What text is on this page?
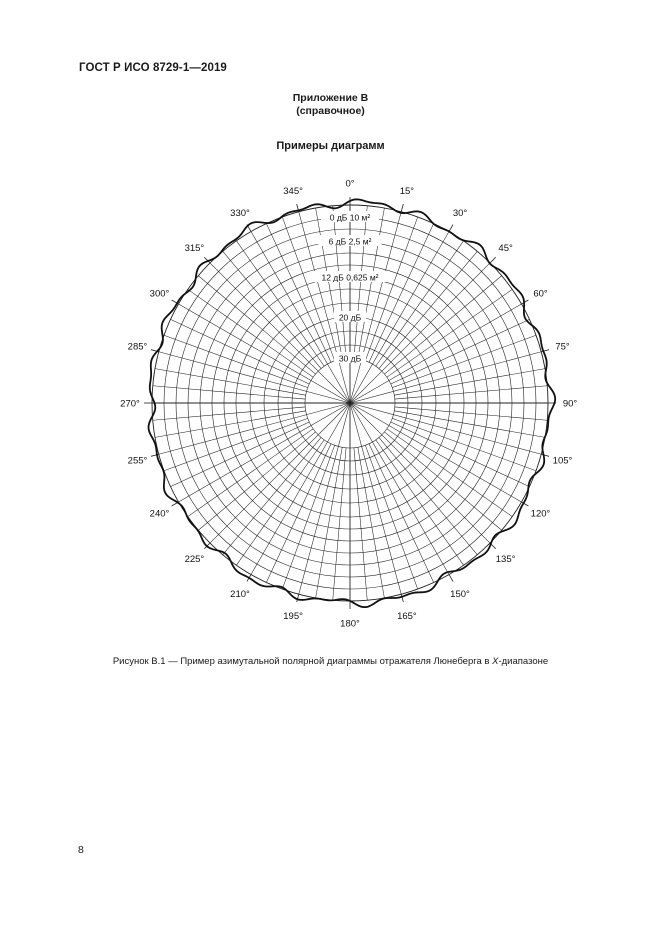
ГОСТ Р ИСО 8729-1—2019
Приложение В
(справочное)
Примеры диаграмм
0 дБ 10 м²
6 дБ 2,5 м²
12 дБ 0,625 м²
20 дБ
30 дБ
0°
15°
30°
45°
60°
75°
90°
105°
120°
135°
150°
165°
180°
195°
210°
225°
240°
255°
270°
285°
300°
315°
330°
345°
Рисунок В.1 — Пример азимутальной полярной диаграммы отражателя Люнеберга в X-диапазоне
8
